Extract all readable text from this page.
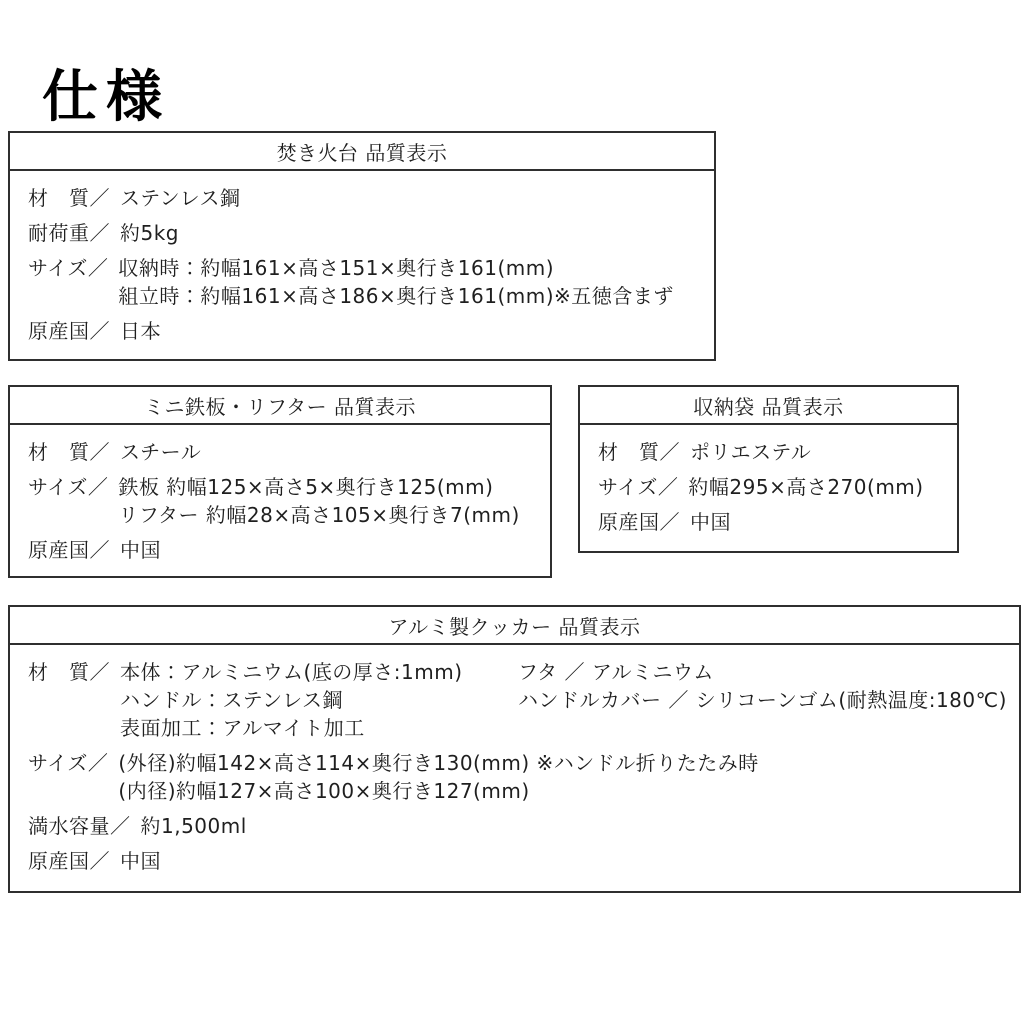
仕様
焚き火台 品質表示
材　質／ ステンレス鋼
耐荷重／ 約5kg
サイズ／ 収納時：約幅161×高さ151×奥行き161(mm)
組立時：約幅161×高さ186×奥行き161(mm)※五徳含まず
原産国／ 日本
ミニ鉄板・リフター 品質表示
材　質／ スチール
サイズ／ 鉄板 約幅125×高さ5×奥行き125(mm)
リフター 約幅28×高さ105×奥行き7(mm)
原産国／ 中国
収納袋 品質表示
材　質／ ポリエステル
サイズ／ 約幅295×高さ270(mm)
原産国／ 中国
アルミ製クッカー 品質表示
材　質／ 本体：アルミニウム(底の厚さ:1mm)
ハンドル：ステンレス鋼
表面加工：アルマイト加工
フタ ／ アルミニウム
ハンドルカバー ／ シリコーンゴム(耐熱温度:180℃)
サイズ／ (外径)約幅142×高さ114×奥行き130(mm) ※ハンドル折りたたみ時
(内径)約幅127×高さ100×奥行き127(mm)
満水容量／ 約1,500ml
原産国／ 中国
